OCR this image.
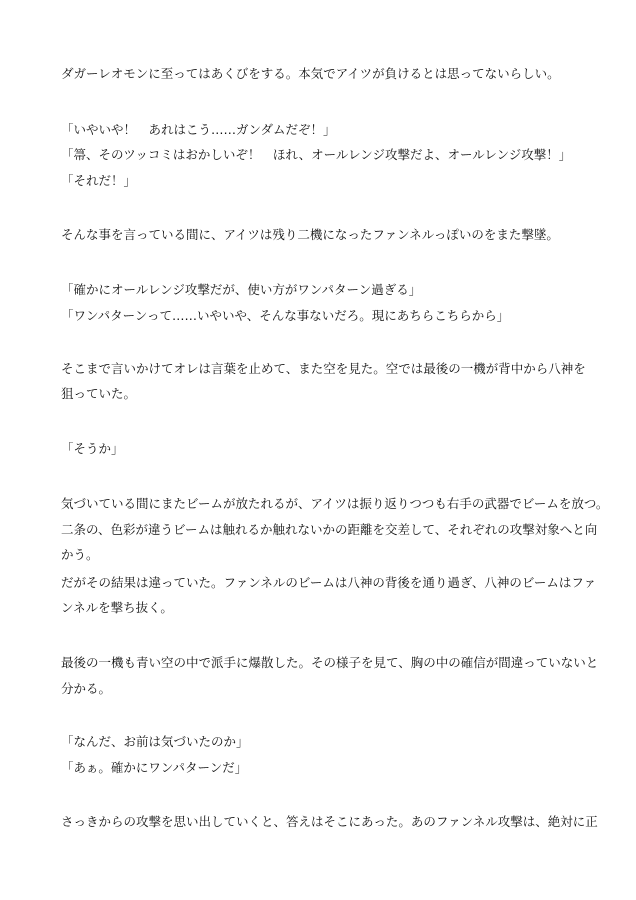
ダガーレオモンに至ってはあくびをする。本気でアイツが負けるとは思ってないらしい。
「いやいや！　あれはこう……ガンダムだぞ！」
「箒、そのツッコミはおかしいぞ！　ほれ、オールレンジ攻撃だよ、オールレンジ攻撃！」
「それだ！」
そんな事を言っている間に、アイツは残り二機になったファンネルっぽいのをまた撃墜。
「確かにオールレンジ攻撃だが、使い方がワンパターン過ぎる」
「ワンパターンって……いやいや、そんな事ないだろ。現にあちらこちらから」
そこまで言いかけてオレは言葉を止めて、また空を見た。空では最後の一機が背中から八神を
狙っていた。
「そうか」
気づいている間にまたビームが放たれるが、アイツは振り返りつつも右手の武器でビームを放つ。
二条の、色彩が違うビームは触れるか触れないかの距離を交差して、それぞれの攻撃対象へと向
かう。
だがその結果は違っていた。ファンネルのビームは八神の背後を通り過ぎ、八神のビームはファ
ンネルを撃ち抜く。
最後の一機も青い空の中で派手に爆散した。その様子を見て、胸の中の確信が間違っていないと
分かる。
「なんだ、お前は気づいたのか」
「あぁ。確かにワンパターンだ」
さっきからの攻撃を思い出していくと、答えはそこにあった。あのファンネル攻撃は、絶対に正
